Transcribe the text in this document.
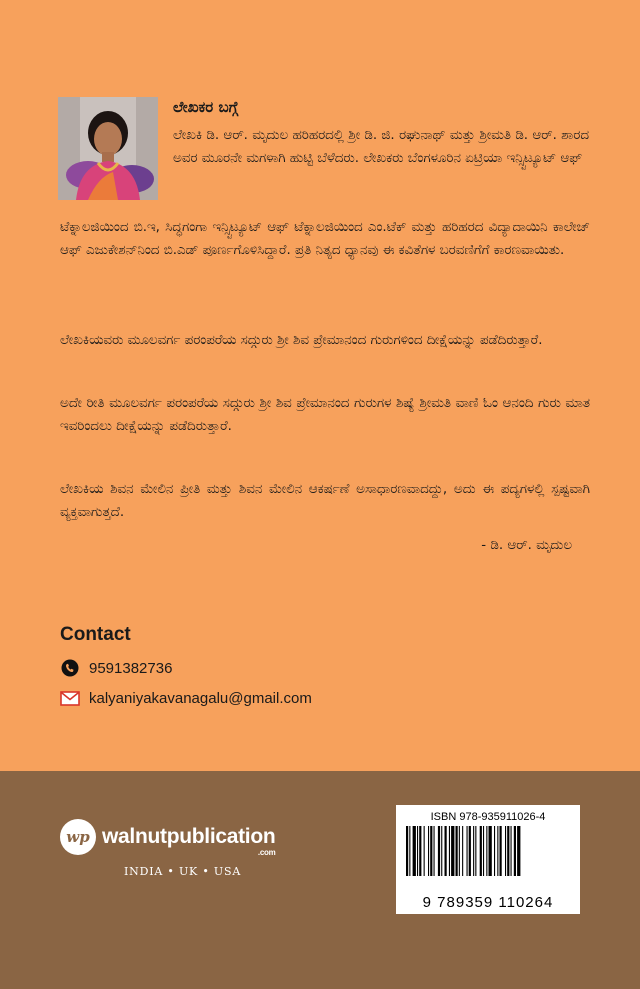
ಲೇಖಕರ ಬಗ್ಗೆ
ಲೇಖಕಿ ಡಿ. ಆರ್. ಮೃದುಲ ಹರಿಹರದಲ್ಲಿ ಶ್ರೀ ಡಿ. ಜಿ. ರಘುನಾಥ್ ಮತ್ತು ಶ್ರೀಮತಿ ಡಿ. ಆರ್. ಶಾರದ ಅವರ ಮೂರನೇ ಮಗಳಾಗಿ ಹುಟ್ಟಿ ಬೆಳೆದರು. ಲೇಖಕರು ಬೆಂಗಳೂರಿನ ಏಟ್ರಿಯಾ ಇನ್ಸ್ಟಿಟ್ಯೂಟ್ ಆಫ್
ಟೆಕ್ನಾಲಜಿಯಿಂದ ಬಿ.ಇ, ಸಿದ್ಧಗಂಗಾ ಇನ್ಸ್ಟಿಟ್ಯೂಟ್ ಆಫ್ ಟೆಕ್ನಾಲಜಿಯಿಂದ ಎಂ.ಟೆಕ್ ಮತ್ತು ಹರಿಹರದ ವಿದ್ಯಾದಾಯಿನಿ ಕಾಲೇಜ್ ಆಫ್ ಎಜುಕೇಶನ್‌ನಿಂದ ಬಿ.ಎಡ್ ಪೂರ್ಣಗೊಳಿಸಿದ್ದಾರೆ. ಪ್ರತಿ ನಿತ್ಯದ ಧ್ಯಾನವು ಈ ಕವಿತೆಗಳ ಬರವಣಿಗೆಗೆ ಕಾರಣವಾಯಿತು.
ಲೇಖಕಿಯವರು ಮೂಲವರ್ಗ ಪರಂಪರೆಯ ಸದ್ಗುರು ಶ್ರೀ ಶಿವ ಪ್ರೇಮಾನಂದ ಗುರುಗಳಿಂದ ದೀಕ್ಷೆಯನ್ನು ಪಡೆದಿರುತ್ತಾರೆ.
ಅದೇ ರೀತಿ ಮೂಲವರ್ಗ ಪರಂಪರೆಯ ಸದ್ಗುರು ಶ್ರೀ ಶಿವ ಪ್ರೇಮಾನಂದ ಗುರುಗಳ ಶಿಷ್ಯೆ ಶ್ರೀಮತಿ ವಾಣಿ ಓಂ ಆನಂದಿ ಗುರು ಮಾತ ಇವರಿಂದಲು ದೀಕ್ಷೆಯನ್ನು ಪಡೆದಿರುತ್ತಾರೆ.
ಲೇಖಕಿಯ ಶಿವನ ಮೇಲಿನ ಪ್ರೀತಿ ಮತ್ತು ಶಿವನ ಮೇಲಿನ ಆಕರ್ಷಣೆ ಅಸಾಧಾರಣವಾದದ್ದು, ಅದು ಈ ಪದ್ಯಗಳಲ್ಲಿ ಸ್ಪಷ್ಟವಾಗಿ ವ್ಯಕ್ತವಾಗುತ್ತದೆ.
- ಡಿ. ಆರ್. ಮೃದುಲ
Contact
9591382736
kalyaniyakavanagalu@gmail.com
wp walnutpublication
.com
INDIA • UK • USA
ISBN 978-935911026-4
9 789359 110264
